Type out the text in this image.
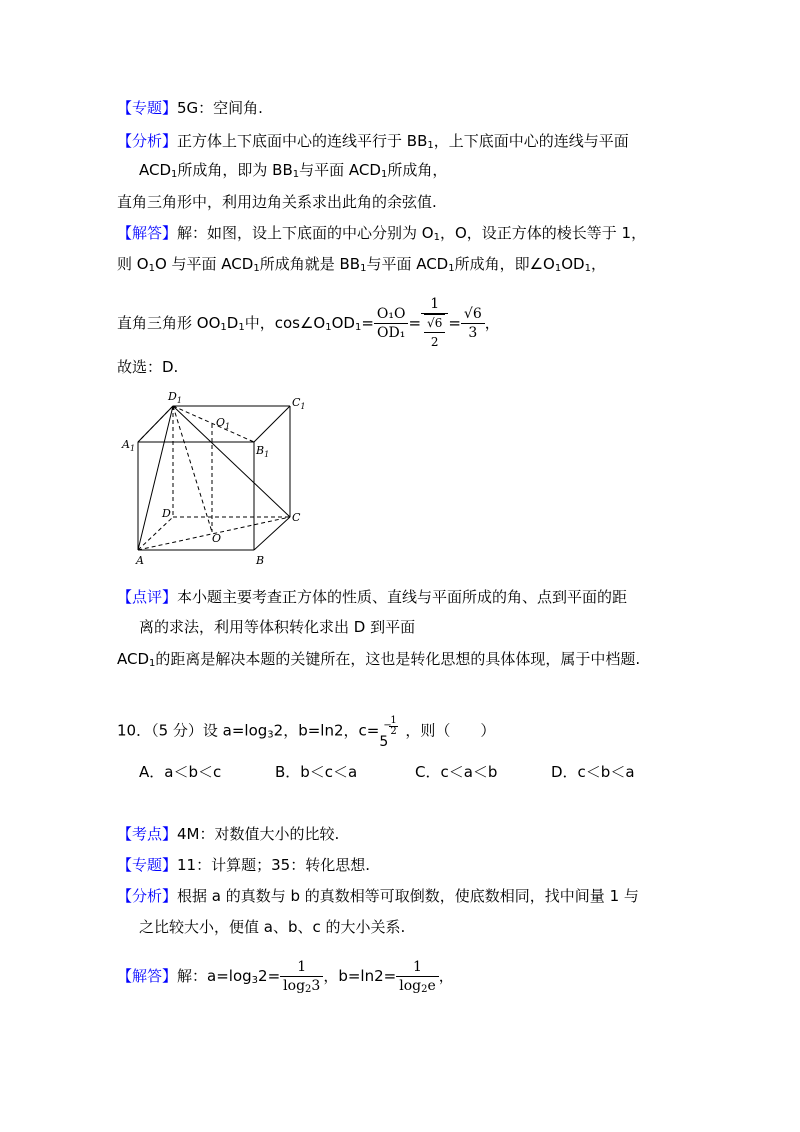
【专题】5G：空间角.
【分析】正方体上下底面中心的连线平行于 $BB_1$，上下底面中心的连线与平面
$ACD_1$所成角，即为 $BB_1$与平面 $ACD_1$所成角，
直角三角形中，利用边角关系求出此角的余弦值.
【解答】解：如图，设上下底面的中心分别为 $O_1$，O，设正方体的棱长等于 1，
则 $O_1O$ 与平面 $ACD_1$所成角就是 $BB_1$与平面 $ACD_1$所成角，即$\angle O_1OD_1$，
直角三角形 $OO_1D_1$中，$\cos\angle O_1OD_1= \frac{\text{O₁O}}{\text{OD₁}} = \frac{1}{\frac{√6}{2}} = \frac{√6}{3}$ ，
故选：D.
$D_1$	$C_1$
$O_1$
$A_1$	$B_1$
D	C
O
A	B
【点评】本小题主要考查正方体的性质、直线与平面所成的角、点到平面的距
离的求法，利用等体积转化求出 D 到平面
$ACD_1$的距离是解决本题的关键所在，这也是转化思想的具体体现，属于中档题.
10．（5 分）设 $a=\log_32$，b=ln2，c=
5
−
1
2 ，则（　　）
A．a＜b＜c	B．b＜c＜a	C．c＜a＜b	D．c＜b＜a
【考点】4M：对数值大小的比较.
【专题】11：计算题；35：转化思想.
【分析】根据 a 的真数与 b 的真数相等可取倒数，使底数相同，找中间量 1 与
之比较大小，便值 a、b、c 的大小关系.
【解答】解：$a=\log_32= \frac{1}{\log_23}$ ，$b=\ln 2= \frac{1}{\log_2e}$ ，
